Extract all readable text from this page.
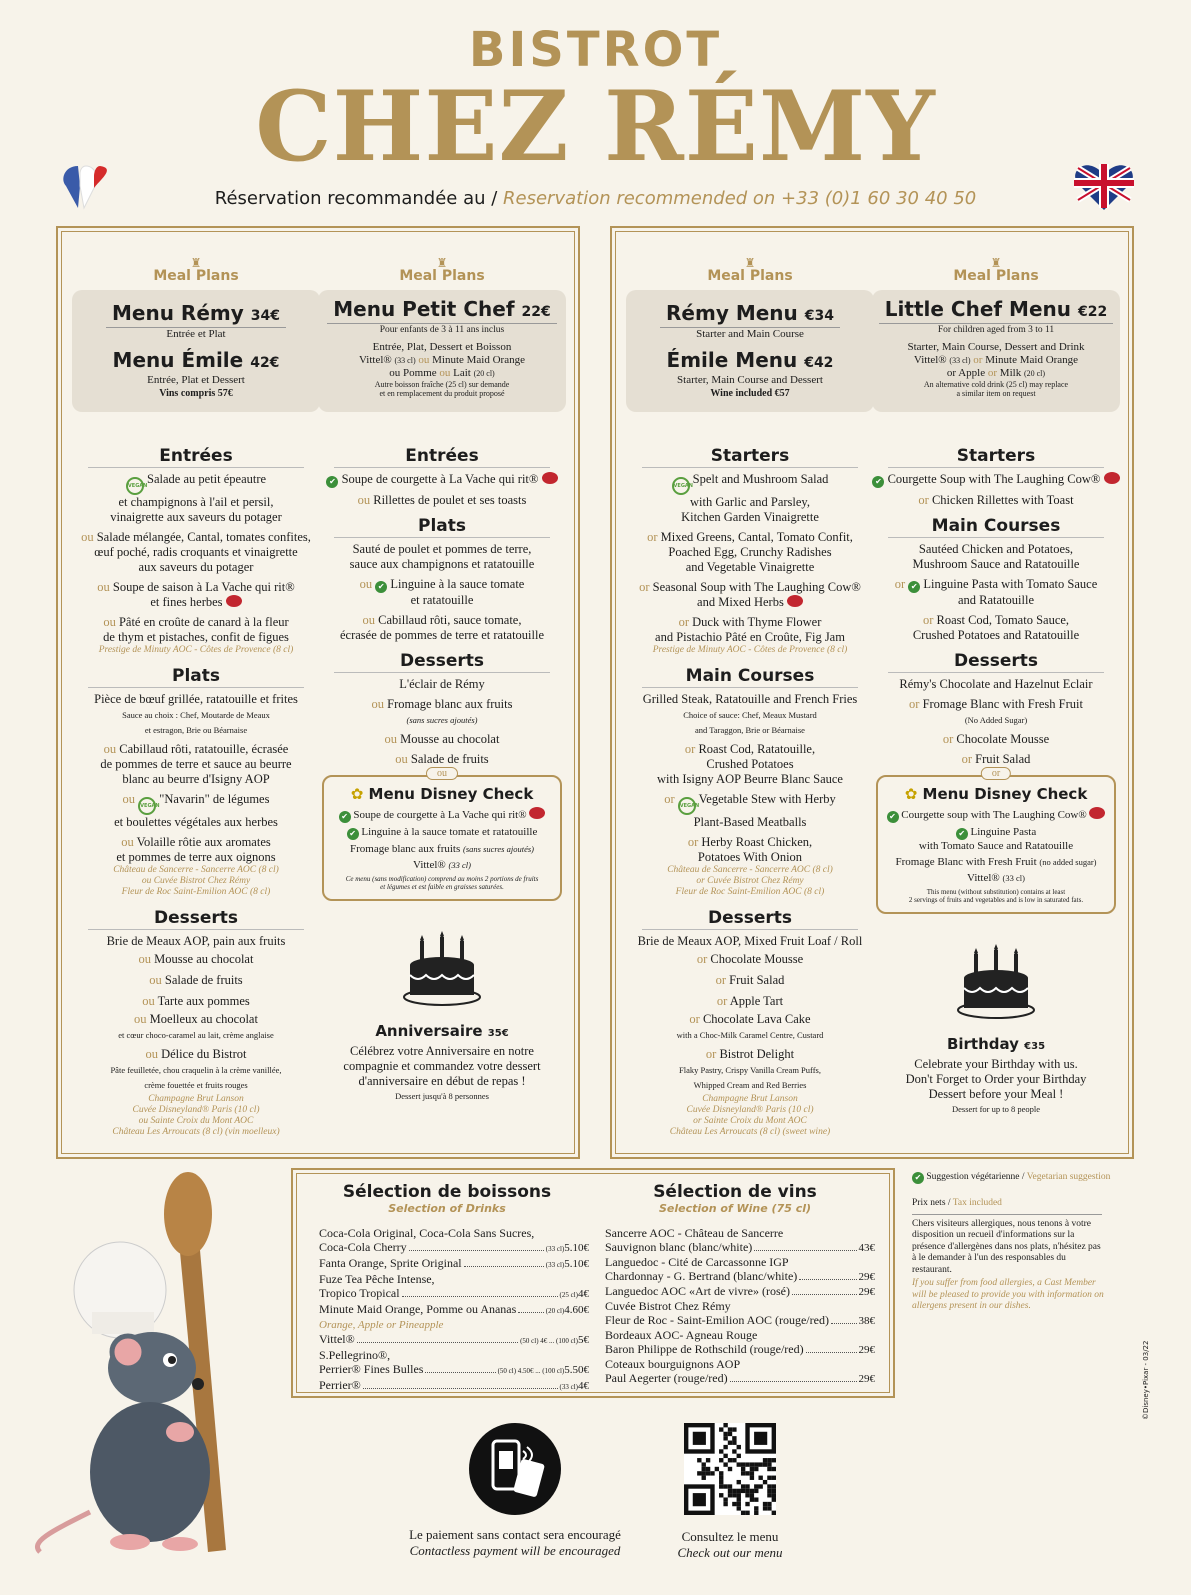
BISTROT
CHEZ RÉMY
Réservation recommandée au / Reservation recommended on +33 (0)1 60 30 40 50
♜
Meal Plans
Menu Rémy 34€
Entrée et Plat
Menu Émile 42€
Entrée, Plat et Dessert
Vins compris 57€
Entrées
VEGAN Salade au petit épeautre
et champignons à l'ail et persil,
vinaigrette aux saveurs du potager
ou Salade mélangée, Cantal, tomates confites,
œuf poché, radis croquants et vinaigrette
aux saveurs du potager
ou Soupe de saison à La Vache qui rit®
et fines herbes
ou Pâté en croûte de canard à la fleur
de thym et pistaches, confit de figues
Prestige de Minuty AOC - Côtes de Provence (8 cl)
Plats
Pièce de bœuf grillée, ratatouille et frites
Sauce au choix : Chef, Moutarde de Meaux
et estragon, Brie ou Béarnaise
ou Cabillaud rôti, ratatouille, écrasée
de pommes de terre et sauce au beurre
blanc au beurre d'Isigny AOP
ou VEGAN "Navarin" de légumes
et boulettes végétales aux herbes
ou Volaille rôtie aux aromates
et pommes de terre aux oignons
Château de Sancerre - Sancerre AOC (8 cl)
ou Cuvée Bistrot Chez Rémy
Fleur de Roc Saint-Emilion AOC (8 cl)
Desserts
Brie de Meaux AOP, pain aux fruits
ou Mousse au chocolat
ou Salade de fruits
ou Tarte aux pommes
ou Moelleux au chocolat
et cœur choco-caramel au lait, crème anglaise
ou Délice du Bistrot
Pâte feuilletée, chou craquelin à la crème vanillée,
crème fouettée et fruits rouges
Champagne Brut Lanson
Cuvée Disneyland® Paris (10 cl)
ou Sainte Croix du Mont AOC
Château Les Arroucats (8 cl) (vin moelleux)
♜
Meal Plans
Menu Petit Chef 22€
Pour enfants de 3 à 11 ans inclus
Entrée, Plat, Dessert et Boisson
Vittel® (33 cl) ou Minute Maid Orange
ou Pomme ou Lait (20 cl)
Autre boisson fraîche (25 cl) sur demande
et en remplacement du produit proposé
Entrées
✔ Soupe de courgette à La Vache qui rit®
ou Rillettes de poulet et ses toasts
Plats
Sauté de poulet et pommes de terre,
sauce aux champignons et ratatouille
ou ✔ Linguine à la sauce tomate
et ratatouille
ou Cabillaud rôti, sauce tomate,
écrasée de pommes de terre et ratatouille
Desserts
L'éclair de Rémy
ou Fromage blanc aux fruits
(sans sucres ajoutés)
ou Mousse au chocolat
ou Salade de fruits
ou
✿ Menu Disney Check
✔ Soupe de courgette à La Vache qui rit®
✔ Linguine à la sauce tomate et ratatouille
Fromage blanc aux fruits (sans sucres ajoutés)
Vittel® (33 cl)
Ce menu (sans modification) comprend au moins 2 portions de fruits
et légumes et est faible en graisses saturées.
Anniversaire 35€
Célébrez votre Anniversaire en notre
compagnie et commandez votre dessert
d'anniversaire en début de repas !
Dessert jusqu'à 8 personnes
♜
Meal Plans
Rémy Menu €34
Starter and Main Course
Émile Menu €42
Starter, Main Course and Dessert
Wine included €57
Starters
VEGAN Spelt and Mushroom Salad
with Garlic and Parsley,
Kitchen Garden Vinaigrette
or Mixed Greens, Cantal, Tomato Confit,
Poached Egg, Crunchy Radishes
and Vegetable Vinaigrette
or Seasonal Soup with The Laughing Cow®
and Mixed Herbs
or Duck with Thyme Flower
and Pistachio Pâté en Croûte, Fig Jam
Prestige de Minuty AOC - Côtes de Provence (8 cl)
Main Courses
Grilled Steak, Ratatouille and French Fries
Choice of sauce: Chef, Meaux Mustard
and Taraggon, Brie or Béarnaise
or Roast Cod, Ratatouille,
Crushed Potatoes
with Isigny AOP Beurre Blanc Sauce
or VEGAN Vegetable Stew with Herby
Plant-Based Meatballs
or Herby Roast Chicken,
Potatoes With Onion
Château de Sancerre - Sancerre AOC (8 cl)
or Cuvée Bistrot Chez Rémy
Fleur de Roc Saint-Emilion AOC (8 cl)
Desserts
Brie de Meaux AOP, Mixed Fruit Loaf / Roll
or Chocolate Mousse
or Fruit Salad
or Apple Tart
or Chocolate Lava Cake
with a Choc-Milk Caramel Centre, Custard
or Bistrot Delight
Flaky Pastry, Crispy Vanilla Cream Puffs,
Whipped Cream and Red Berries
Champagne Brut Lanson
Cuvée Disneyland® Paris (10 cl)
or Sainte Croix du Mont AOC
Château Les Arroucats (8 cl) (sweet wine)
♜
Meal Plans
Little Chef Menu €22
For children aged from 3 to 11
Starter, Main Course, Dessert and Drink
Vittel® (33 cl) or Minute Maid Orange
or Apple or Milk (20 cl)
An alternative cold drink (25 cl) may replace
a similar item on request
Starters
✔ Courgette Soup with The Laughing Cow®
or Chicken Rillettes with Toast
Main Courses
Sautéed Chicken and Potatoes,
Mushroom Sauce and Ratatouille
or ✔ Linguine Pasta with Tomato Sauce
and Ratatouille
or Roast Cod, Tomato Sauce,
Crushed Potatoes and Ratatouille
Desserts
Rémy's Chocolate and Hazelnut Eclair
or Fromage Blanc with Fresh Fruit
(No Added Sugar)
or Chocolate Mousse
or Fruit Salad
or
✿ Menu Disney Check
✔ Courgette soup with The Laughing Cow®
✔ Linguine Pasta
with Tomato Sauce and Ratatouille
Fromage Blanc with Fresh Fruit (no added sugar)
Vittel® (33 cl)
This menu (without substitution) contains at least
2 servings of fruits and vegetables and is low in saturated fats.
Birthday €35
Celebrate your Birthday with us.
Don't Forget to Order your Birthday
Dessert before your Meal !
Dessert for up to 8 people
Sélection de boissons
Selection of Drinks
Sélection de vins
Selection of Wine (75 cl)
Coca-Cola Original, Coca-Cola Sans Sucres,
Coca-Cola Cherry	(33 cl) 5.10€
Fanta Orange, Sprite Original	(33 cl) 5.10€
Fuze Tea Pêche Intense,
Tropico Tropical	(25 cl) 4€
Minute Maid Orange, Pomme ou Ananas	(20 cl) 4.60€
Orange, Apple or Pineapple
Vittel®	(50 cl) 4€ ... (100 cl) 5€
S.Pellegrino®,
Perrier® Fines Bulles	(50 cl) 4.50€ ... (100 cl) 5.50€
Perrier®	(33 cl) 4€
Sancerre AOC - Château de Sancerre
Sauvignon blanc (blanc/white)	43€
Languedoc - Cité de Carcassonne IGP
Chardonnay - G. Bertrand (blanc/white)	29€
Languedoc AOC «Art de vivre» (rosé)	29€
Cuvée Bistrot Chez Rémy
Fleur de Roc - Saint-Emilion AOC (rouge/red)	38€
Bordeaux AOC- Agneau Rouge
Baron Philippe de Rothschild (rouge/red)	29€
Coteaux bourguignons AOP
Paul Aegerter (rouge/red)	29€
✔ Suggestion végétarienne / Vegetarian suggestion
Prix nets / Tax included
Chers visiteurs allergiques, nous tenons à votre disposition un recueil d'informations sur la présence d'allergènes dans nos plats, n'hésitez pas à le demander à l'un des responsables du restaurant.
If you suffer from food allergies, a Cast Member will be pleased to provide you with information on allergens present in our dishes.
Le paiement sans contact sera encouragé
Contactless payment will be encouraged
Consultez le menu
Check out our menu
©Disney•Pixar - 03/22
